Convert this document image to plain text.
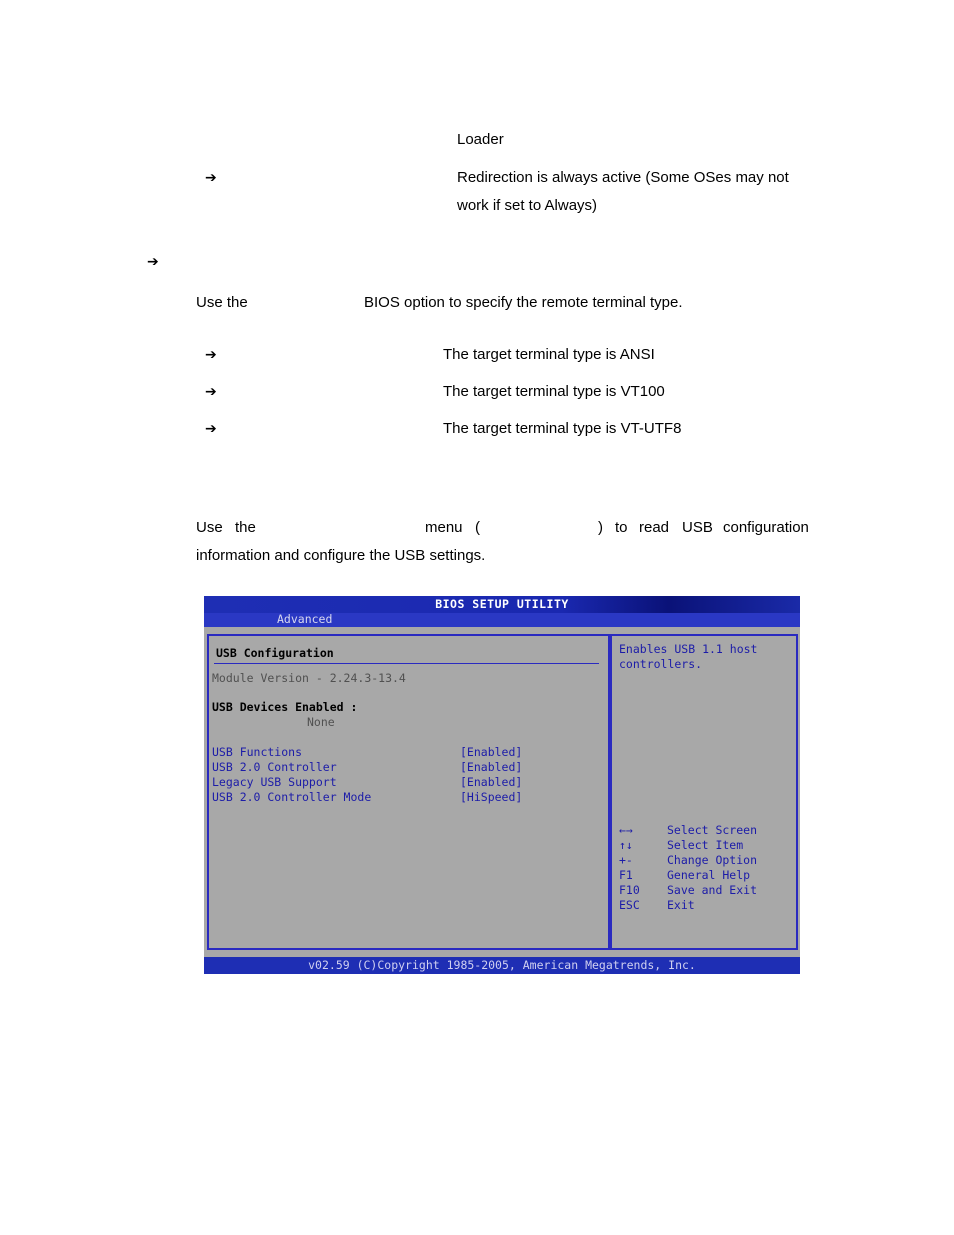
Loader
➔	Redirection is always active (Some OSes may not
work if set to Always)
➔
Use the	BIOS option to specify the remote terminal type.
➔	The target terminal type is ANSI
➔	The target terminal type is VT100
➔	The target terminal type is VT-UTF8
Use the	menu (	) to read USB configuration
information and configure the USB settings.
BIOS SETUP UTILITY
Advanced
USB Configuration
Module Version - 2.24.3-13.4
USB Devices Enabled :
None
USB Functions	[Enabled]
USB 2.0 Controller	[Enabled]
Legacy USB Support	[Enabled]
USB 2.0 Controller Mode	[HiSpeed]
Enables USB 1.1 host
controllers.
←→	Select Screen
↑↓	Select Item
+-	Change Option
F1	General Help
F10 Save and Exit
ESC Exit
v02.59 (C)Copyright 1985-2005, American Megatrends, Inc.
